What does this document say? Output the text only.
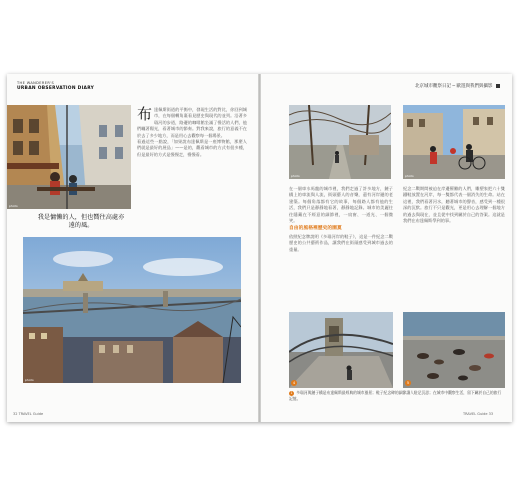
THE WANDERER'S
URBAN OBSERVATION DIARY
photo
布 達佩斯街道的平衡中，發現生活的對比，你回到城市，在每個轉角裏看見歷史與現代的並列。沿著多瑙河的步道，路邊的咖啡館坐滿了慢活的人們，他們曬著陽光，看著城市的節奏。對我來說，旅行的意義不在於去了多少地方，而是用心去觀察每一個場景。
看過這些一點說，「如果說布達佩斯是一座博物館，那麼人們就是最好的展品」——是的，觀看城市的方式有很多種，但是最好的方式是慢慢走，慢慢看。
我是慵懶的人，但也嚮往高處亦遠的風。
photo
32 TRAVEL Guide
北京城市觀察日記 ─ 歐遊與我們與攝影
photo	photo
在一個車水馬龍的城市裡，我們走過了許多地方，鏈子橋上的車流與人流，街頭藝人的音樂，還有河岸邊的老建築。每個角落都有它的故事，每個路人都有他的生活，我們只是靜靜地看著，靜靜地記錄。城市的美麗往往隱藏在不經意的細節裡，一扇窗、一道光、一個微笑。
自由的風格裡歷史的園夏
依照紀念牌說明《多瑙河岸的鞋子》，這是一件紀念二戰歷史的公共藝術作品，讓我們在街頭感受到城市過去的重量。
紀念二戰期間被迫在岸邊罹難的人們，雕塑家把六十雙鐵鞋放置在河岸，每一雙都代表一個消失的生命。站在這裡，我們看著河水，聽著城市的聲音，感受到一種很深的沉默。旅行不只是觀光，更是用心去理解一個地方的過去與現在，並且從中找到屬於自己的答案。這就是我們在布達佩斯學到的事。
4	5
1 多瑙河與鏈子橋是布達佩斯最經典的城市風景；鞋子紀念碑的細節讓人駐足沉思；在城市中觀察生活，留下屬於自己的旅行記憶。
TRAVEL Guide 33
